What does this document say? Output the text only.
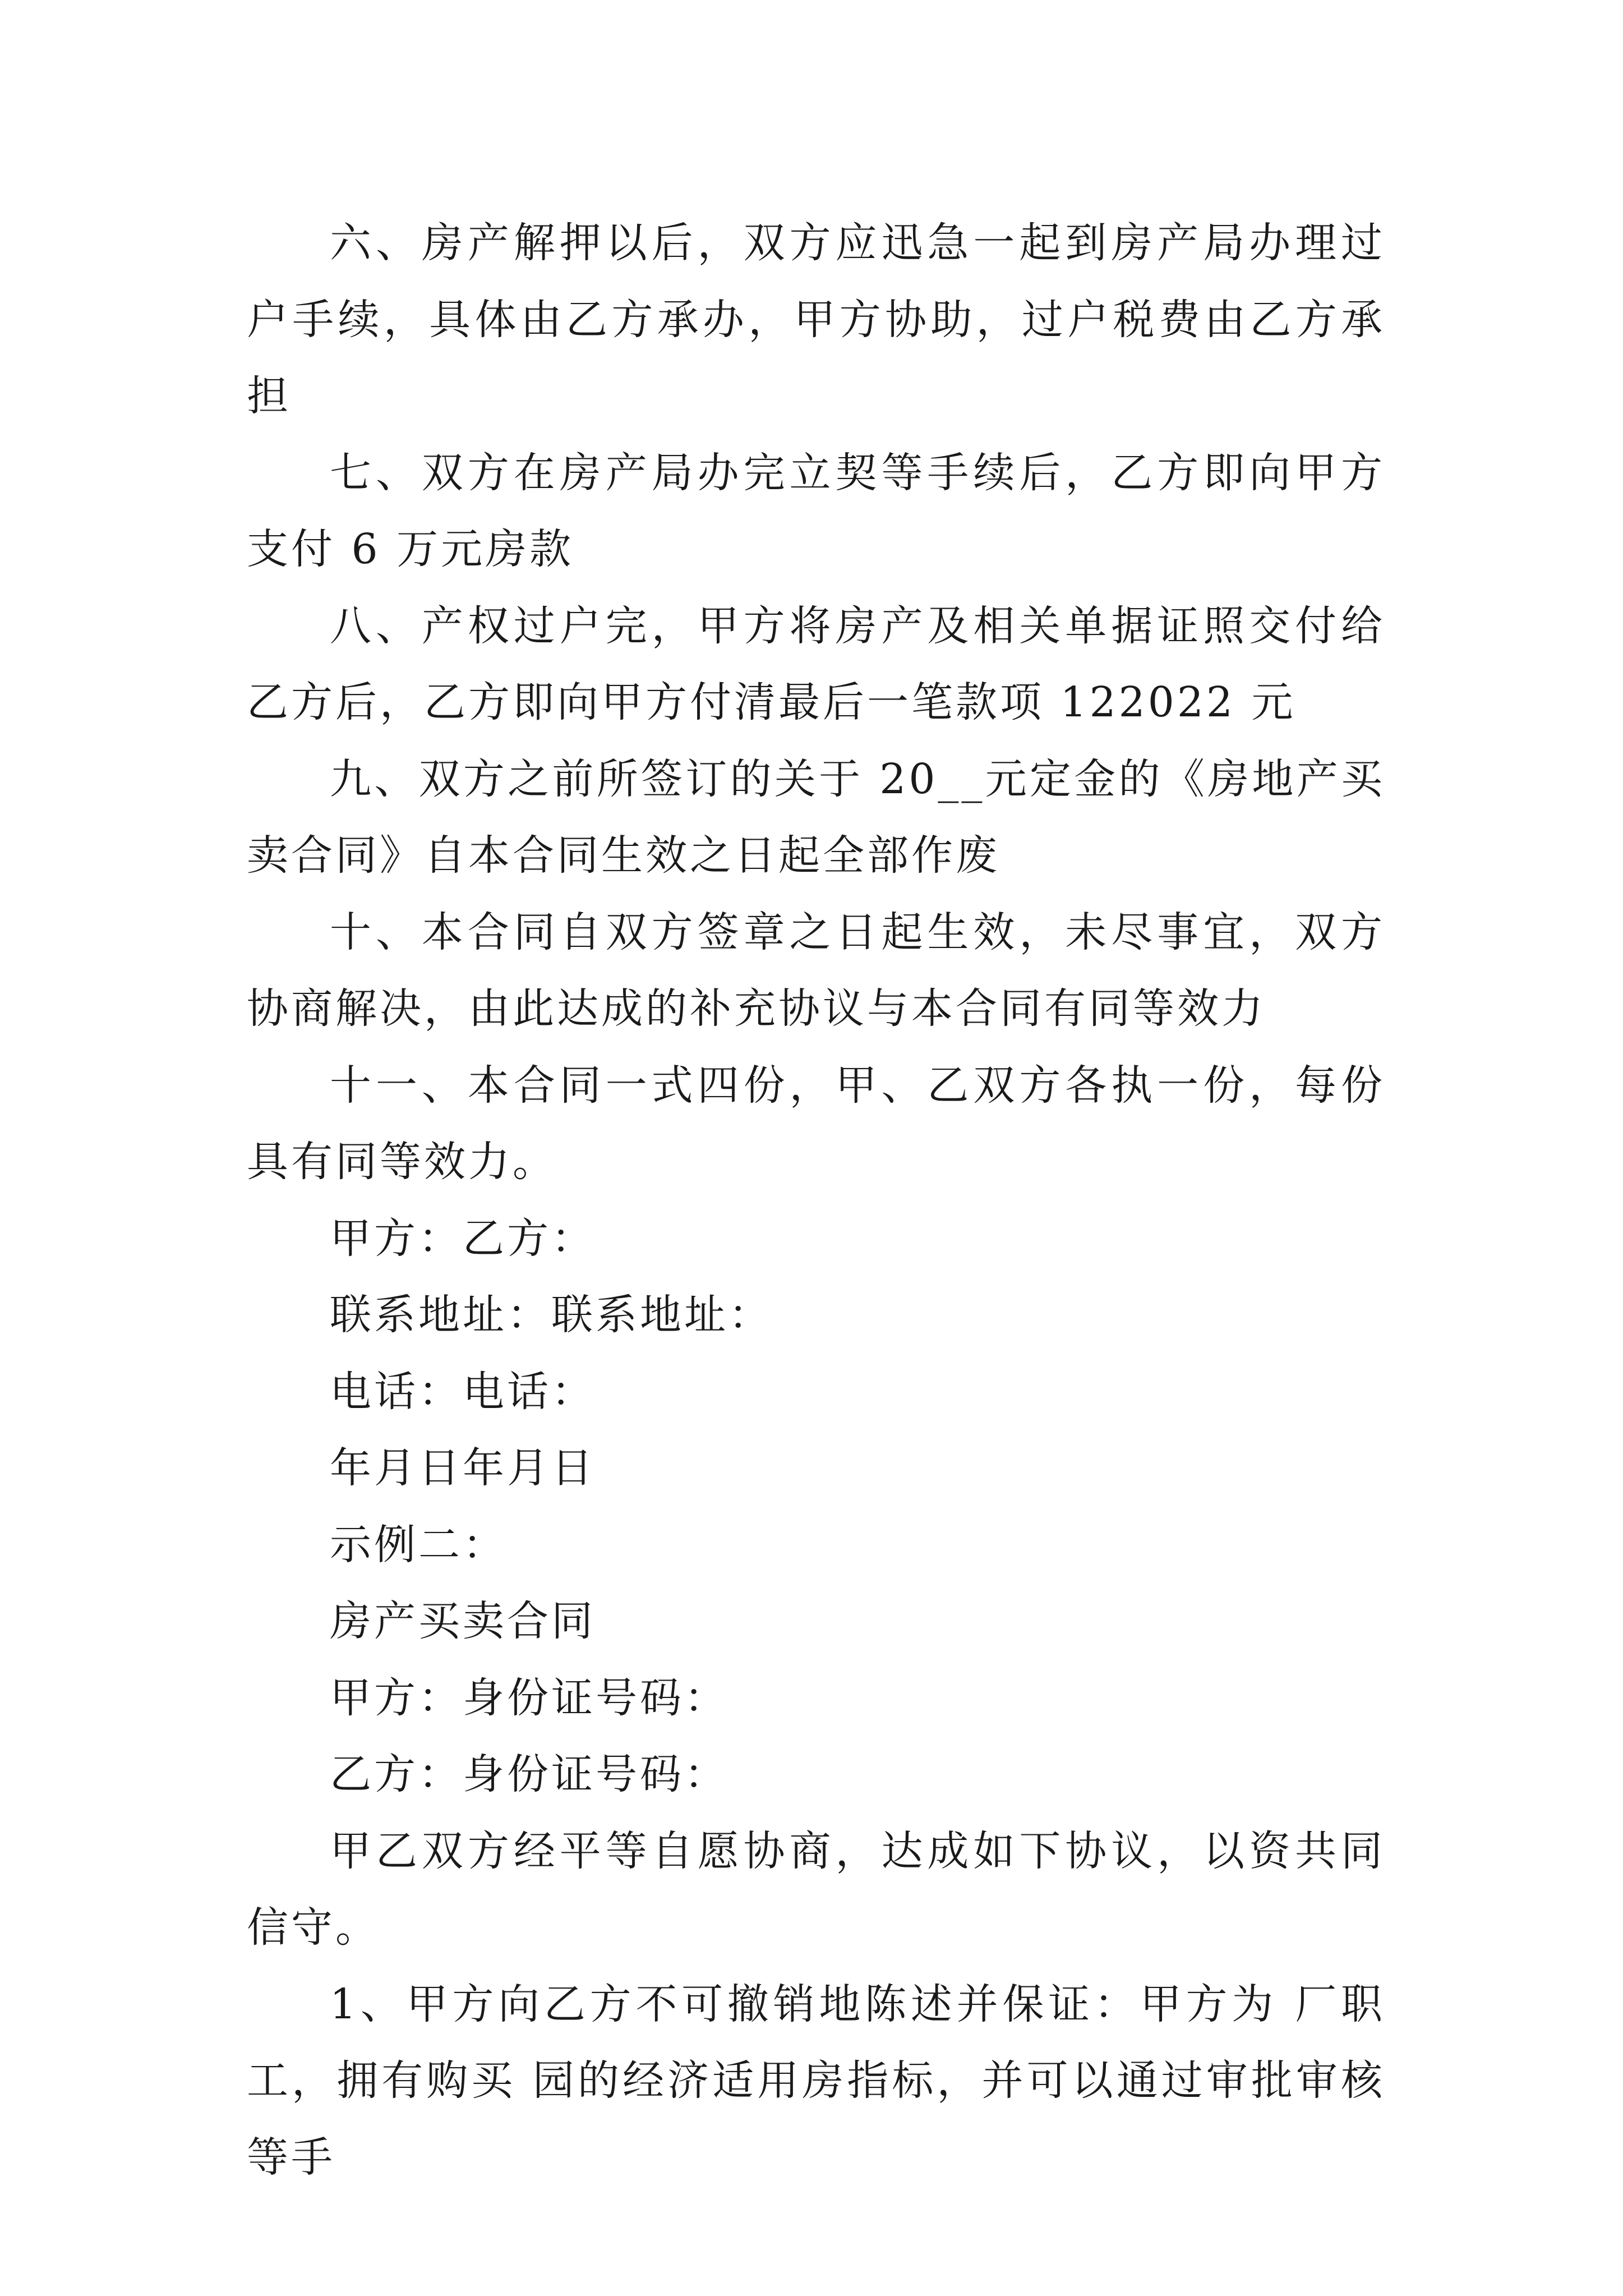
六、房产解押以后，双方应迅急一起到房产局办理过户手续，具体由乙方承办，甲方协助，过户税费由乙方承担

七、双方在房产局办完立契等手续后，乙方即向甲方支付 6 万元房款

八、产权过户完，甲方将房产及相关单据证照交付给乙方后，乙方即向甲方付清最后一笔款项 122022 元

九、双方之前所签订的关于 20__元定金的《房地产买卖合同》自本合同生效之日起全部作废

十、本合同自双方签章之日起生效，未尽事宜，双方协商解决，由此达成的补充协议与本合同有同等效力

十一、本合同一式四份，甲、乙双方各执一份，每份具有同等效力。

甲方：乙方：

联系地址：联系地址：

电话：电话：

年月日年月日

示例二：

房产买卖合同

甲方：身份证号码：

乙方：身份证号码：

甲乙双方经平等自愿协商，达成如下协议，以资共同信守。

1、甲方向乙方不可撤销地陈述并保证：甲方为 厂职工，拥有购买 园的经济适用房指标，并可以通过审批审核等手
